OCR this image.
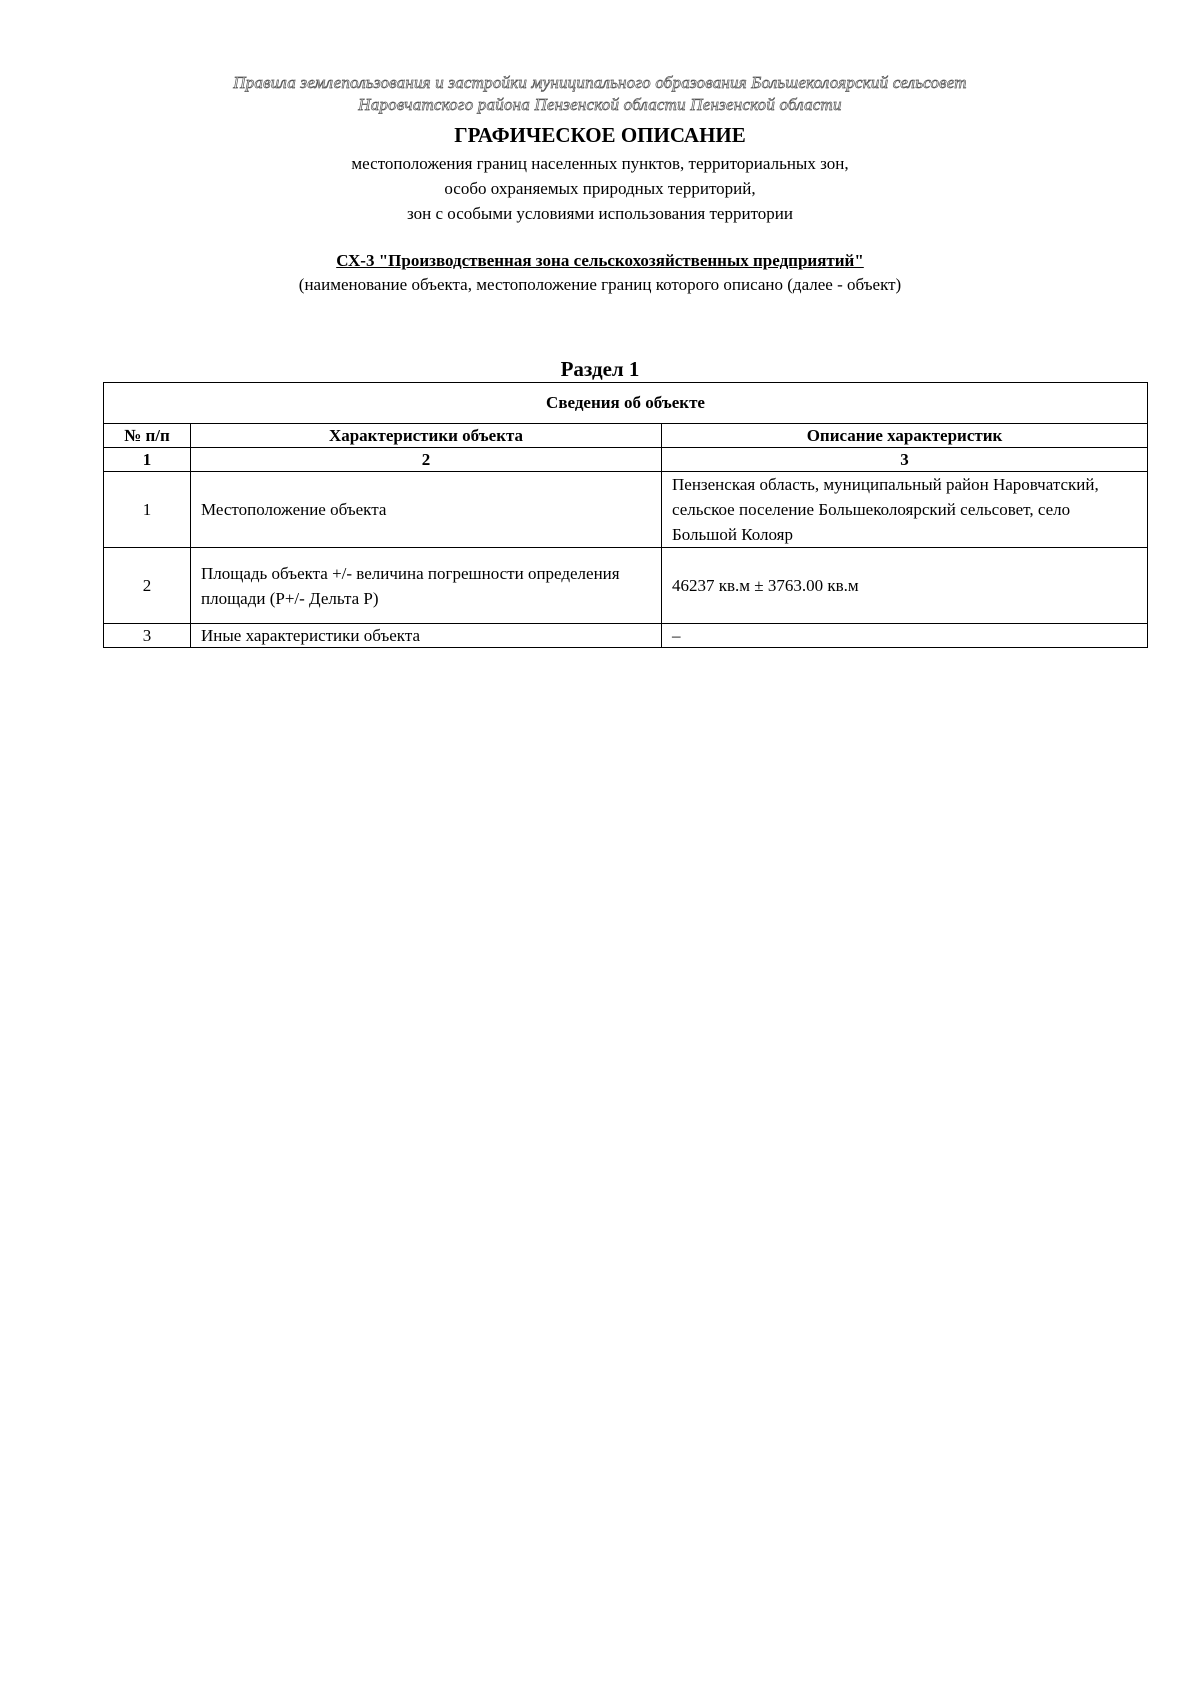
Правила землепользования и застройки муниципального образования Большеколоярский сельсовет
Наровчатского района Пензенской области Пензенской области
ГРАФИЧЕСКОЕ ОПИСАНИЕ
местоположения границ населенных пунктов, территориальных зон,
особо охраняемых природных территорий,
зон с особыми условиями использования территории
СХ-3 "Производственная зона сельскохозяйственных предприятий"
(наименование объекта, местоположение границ которого описано (далее - объект)
Раздел 1
Сведения об объекте		
№ п/п	Характеристики объекта	Описание характеристик
1	2	3
1	Местоположение объекта	Пензенская область, муниципальный район Наровчатский, сельское поселение Большеколоярский сельсовет, село Большой Колояр
2	Площадь объекта +/- величина погрешности определения площади (P+/- Дельта P)	46237 кв.м ± 3763.00 кв.м
3	Иные характеристики объекта	–
